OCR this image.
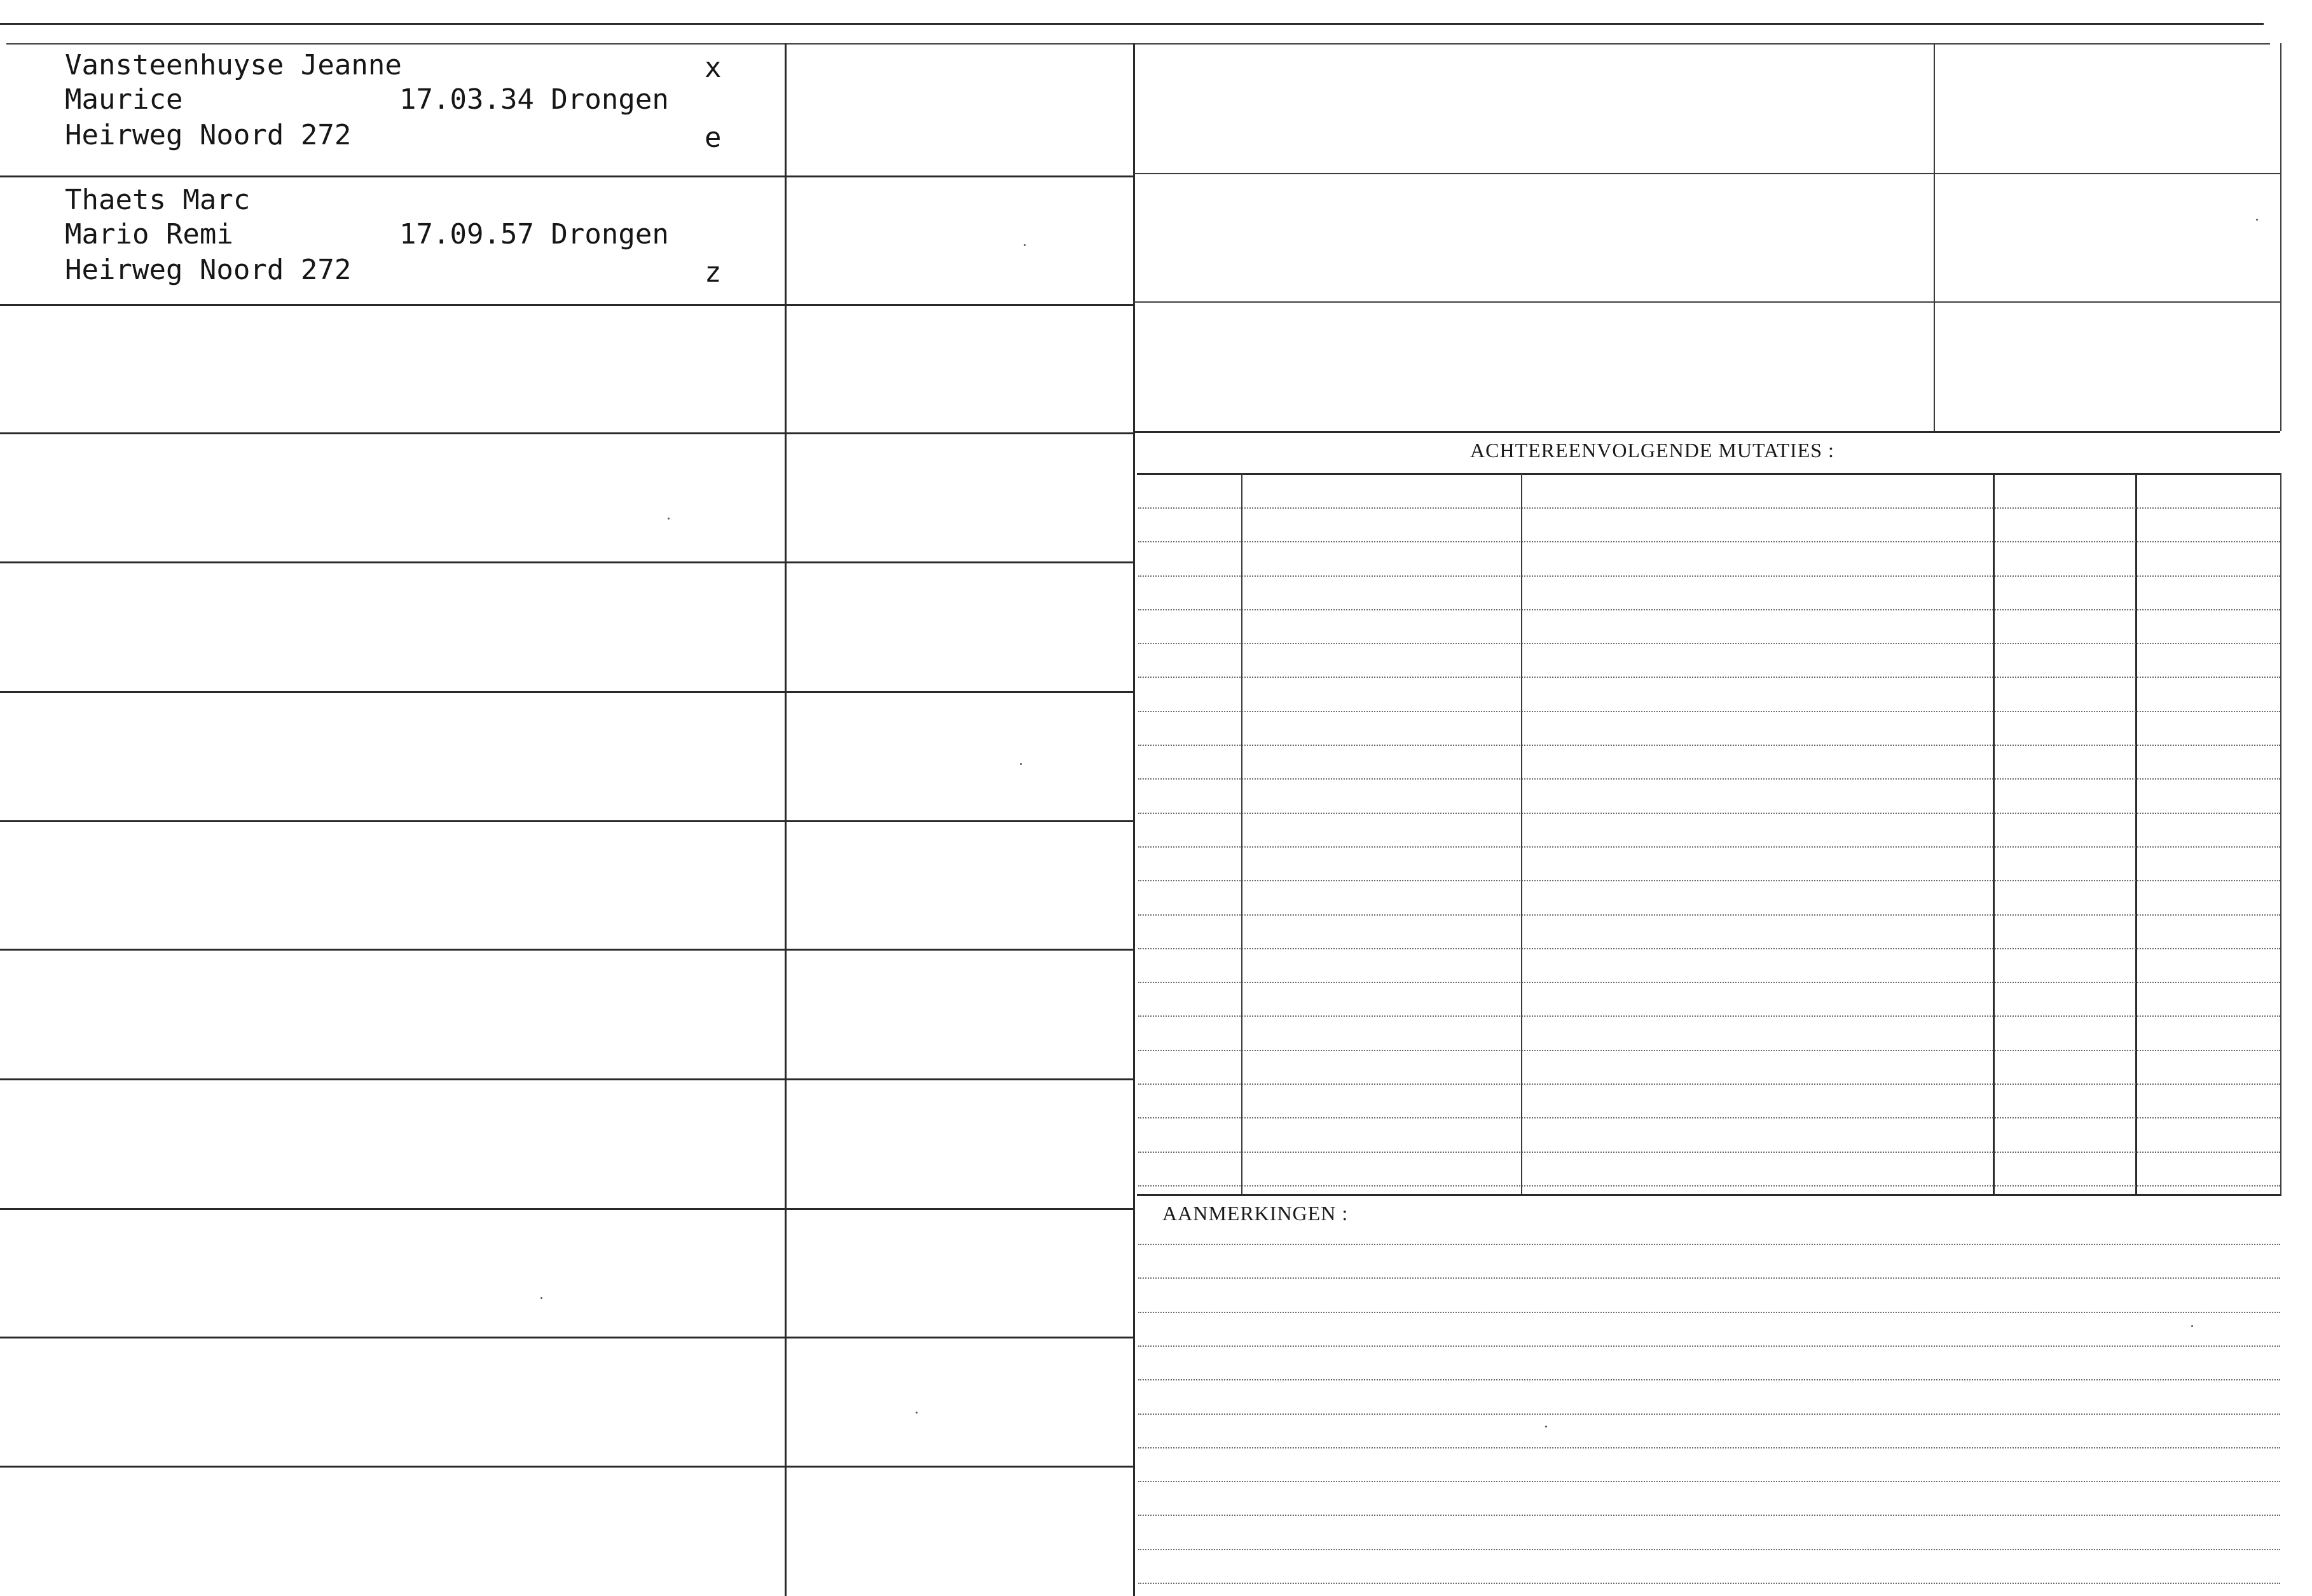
Vansteenhuyse Jeanne
Maurice
Heirweg Noord 272
17.03.34 Drongen
x
e
Thaets Marc
Mario Remi
Heirweg Noord 272
17.09.57 Drongen
z
ACHTEREENVOLGENDE MUTATIES :
AANMERKINGEN :
